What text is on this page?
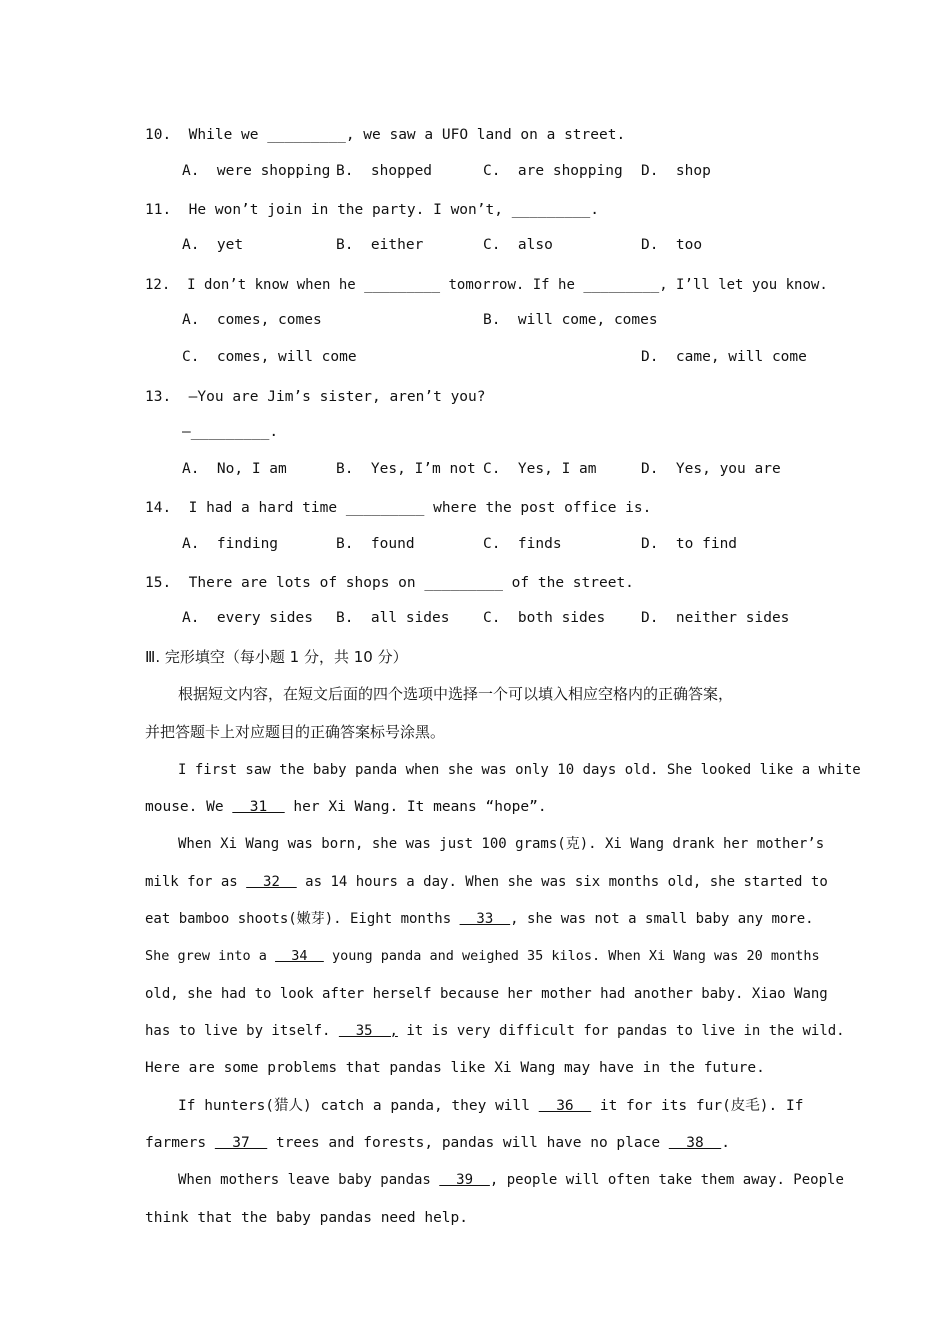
10. While we _________, we saw a UFO land on a street.
A.  were shopping B.  shopped	C.  are shopping D.  shop
11. He won’t join in the party. I won’t, _________.
A.  yet	B.  either	C.  also	D.  too
12. I don’t know when he _________ tomorrow. If he _________, I’ll let you know.
A.  comes, comes	B.  will come, comes
C.  comes, will come	D.  came, will come
13. —You are Jim’s sister, aren’t you?
—_________.
A.  No, I am	B.  Yes, I’m not C.  Yes, I am	D.  Yes, you are
14. I had a hard time _________ where the post office is.
A.  finding	B.  found	C.  finds	D.  to find
15. There are lots of shops on _________ of the street.
A.  every sides B.  all sides C.  both sides D.  neither sides
Ⅲ. 完形填空（每小题 1 分，共 10 分）
根据短文内容，在短文后面的四个选项中选择一个可以填入相应空格内的正确答案，
并把答题卡上对应题目的正确答案标号涂黑。
I first saw the baby panda when she was only 10 days old. She looked like a white
mouse. We   31   her Xi Wang. It means “hope”.
When Xi Wang was born, she was just 100 grams(克). Xi Wang drank her mother’s
milk for as   32   as 14 hours a day. When she was six months old, she started to
eat bamboo shoots(嫩芽). Eight months   33  , she was not a small baby any more.
She grew into a   34   young panda and weighed 35 kilos. When Xi Wang was 20 months
old, she had to look after herself because her mother had another baby. Xiao Wang
has to live by itself.   35  , it is very difficult for pandas to live in the wild.
Here are some problems that pandas like Xi Wang may have in the future.
If hunters(猎人) catch a panda, they will   36   it for its fur(皮毛). If
farmers   37   trees and forests, pandas will have no place   38  .
When mothers leave baby pandas   39  , people will often take them away. People
think that the baby pandas need help.
